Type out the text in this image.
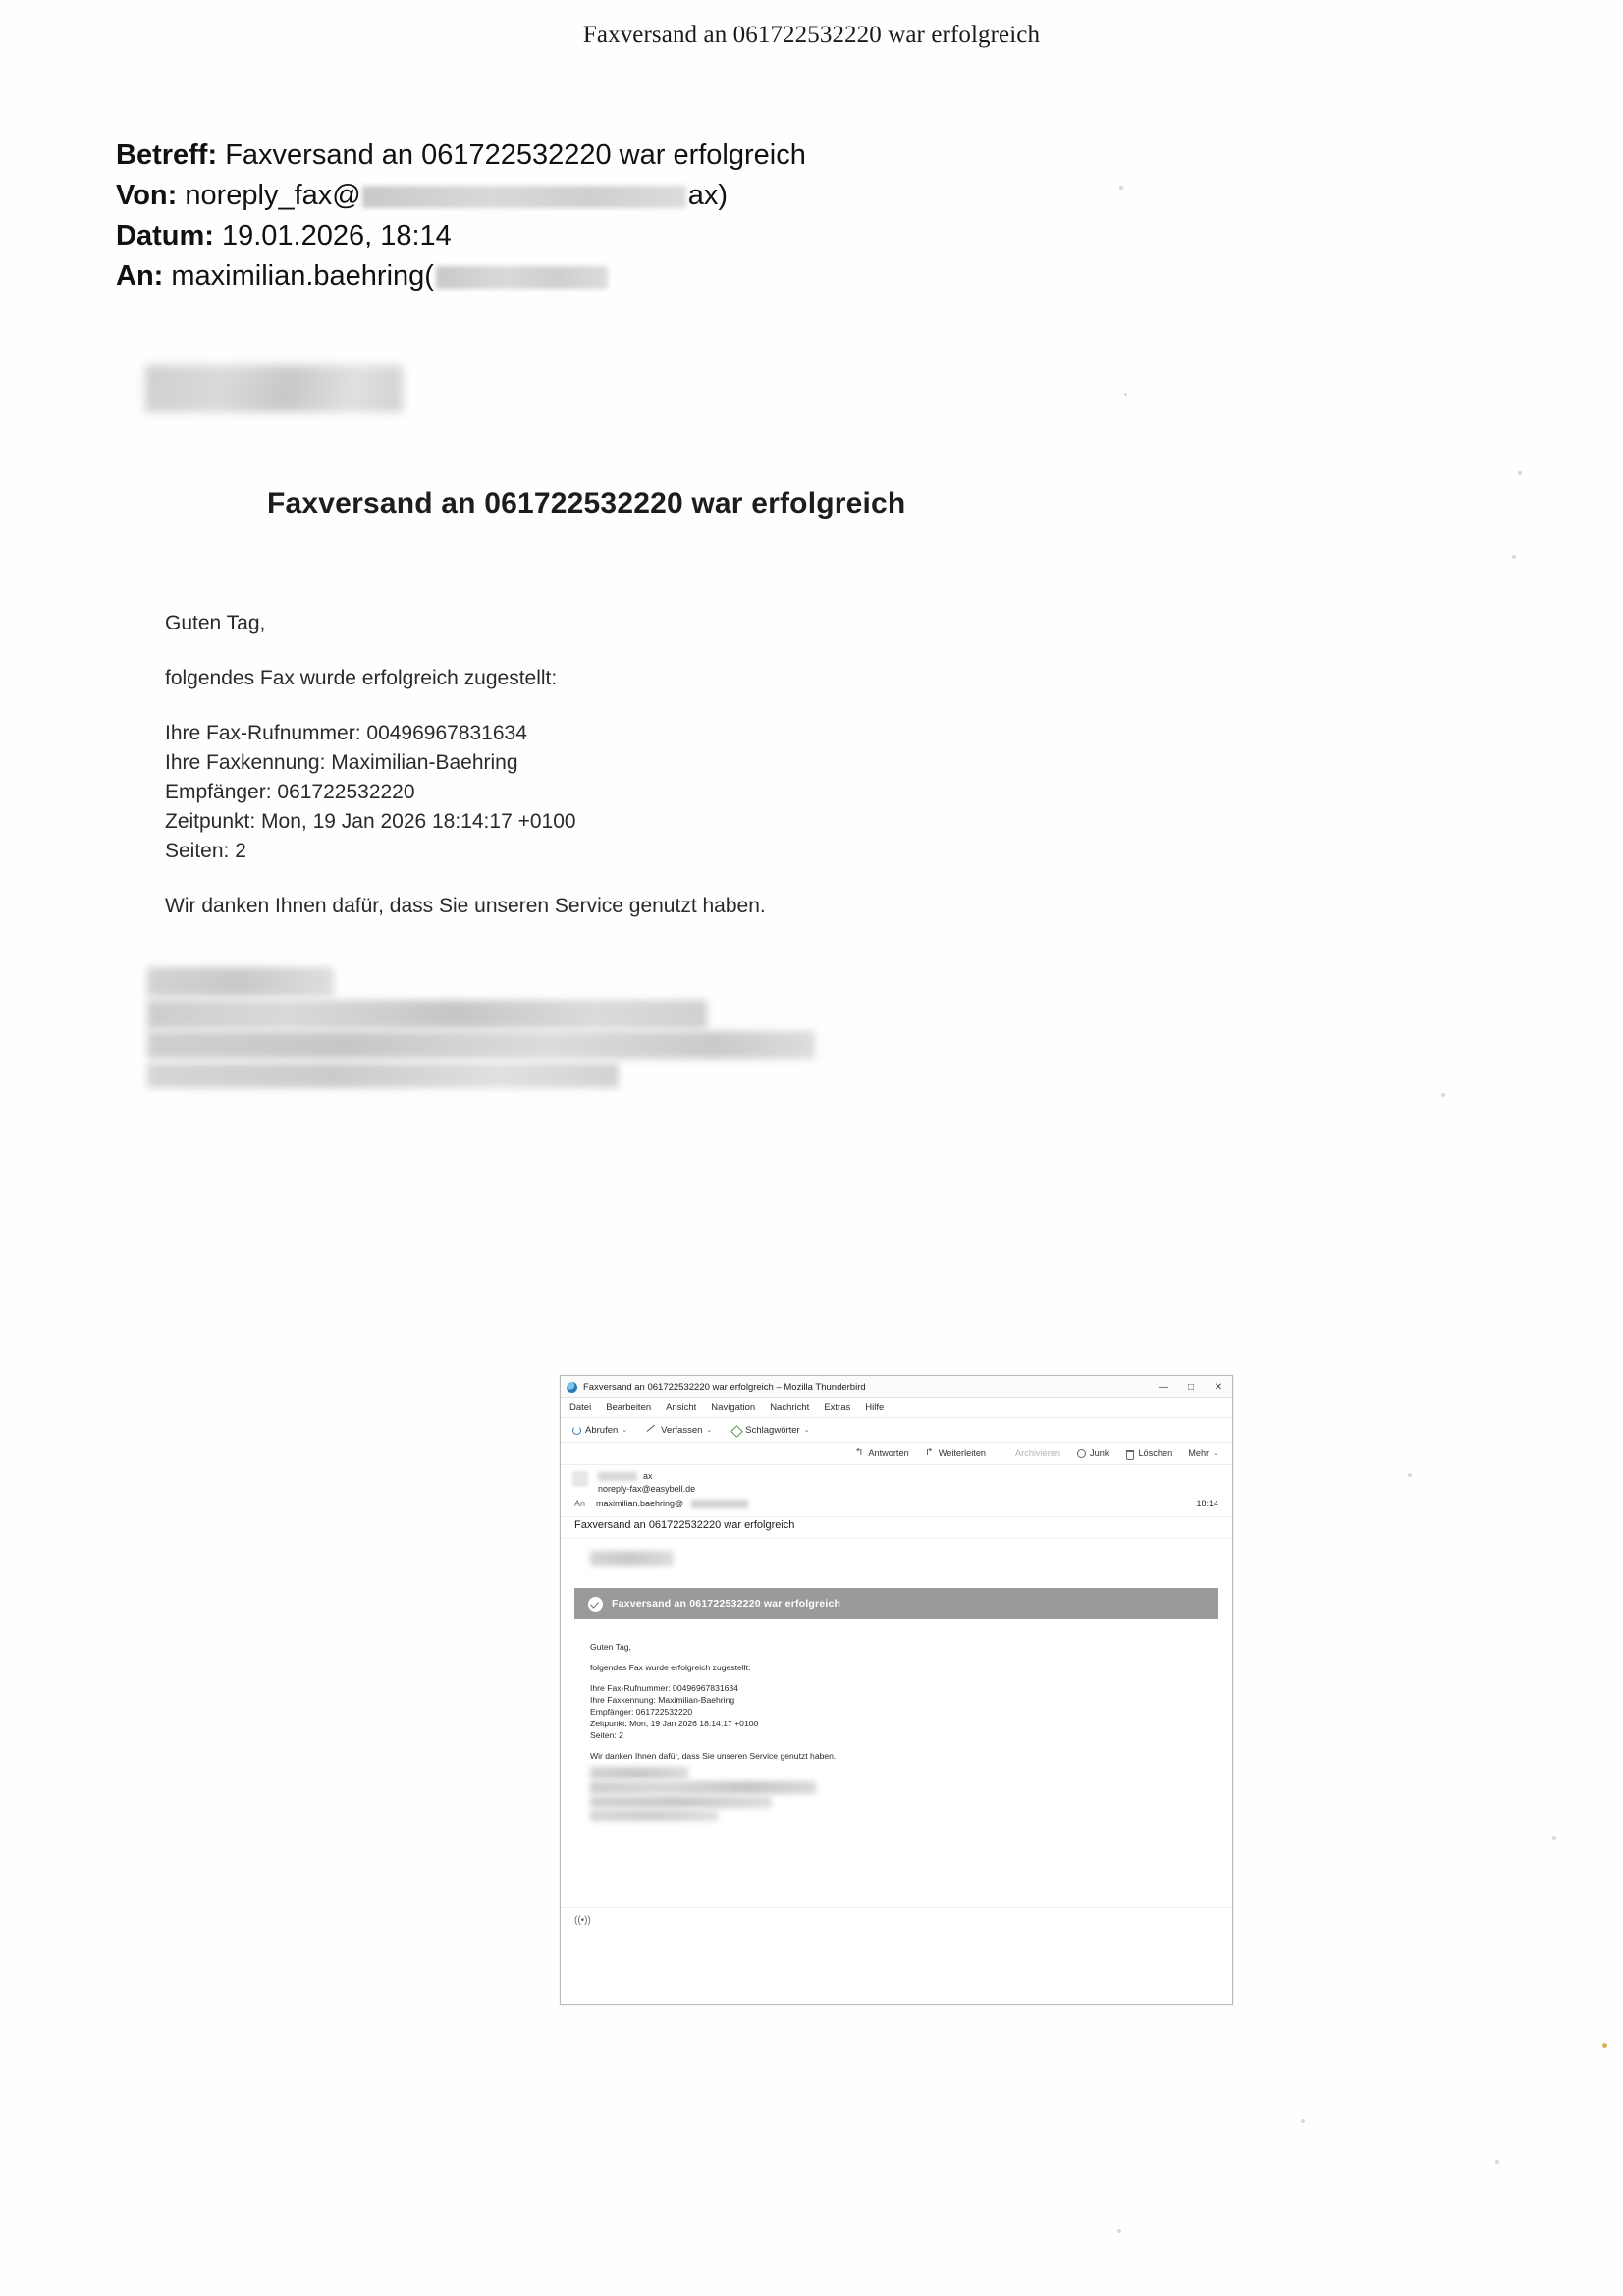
Faxversand an 061722532220 war erfolgreich
Betreff: Faxversand an 061722532220 war erfolgreich
Von: noreply_fax@	ax)
Datum: 19.01.2026, 18:14
An: maximilian.baehring(
Faxversand an 061722532220 war erfolgreich

Guten Tag,

folgendes Fax wurde erfolgreich zugestellt:

Ihre Fax-Rufnummer: 00496967831634
Ihre Faxkennung: Maximilian-Baehring
Empfänger: 061722532220
Zeitpunkt: Mon, 19 Jan 2026 18:14:17 +0100
Seiten: 2

Wir danken Ihnen dafür, dass Sie unseren Service genutzt haben.

Faxversand an 061722532220 war erfolgreich – Mozilla Thunderbird	— □ ✕
Datei Bearbeiten Ansicht Navigation Nachricht Extras Hilfe
Abrufen ⌄	Verfassen ⌄	Schlagwörter ⌄
↰
Antworten ↱	Weiterleiten	Archivieren	Junk	Löschen Mehr ⌄
ax
noreply-fax@easybell.de
An	maximilian.baehring@	18:14
Faxversand an 061722532220 war erfolgreich
Faxversand an 061722532220 war erfolgreich

Guten Tag,

folgendes Fax wurde erfolgreich zugestellt:

Ihre Fax-Rufnummer: 00496967831634
Ihre Faxkennung: Maximilian-Baehring
Empfänger: 061722532220
Zeitpunkt: Mon, 19 Jan 2026 18:14:17 +0100
Seiten: 2

Wir danken Ihnen dafür, dass Sie unseren Service genutzt haben.

((•))
